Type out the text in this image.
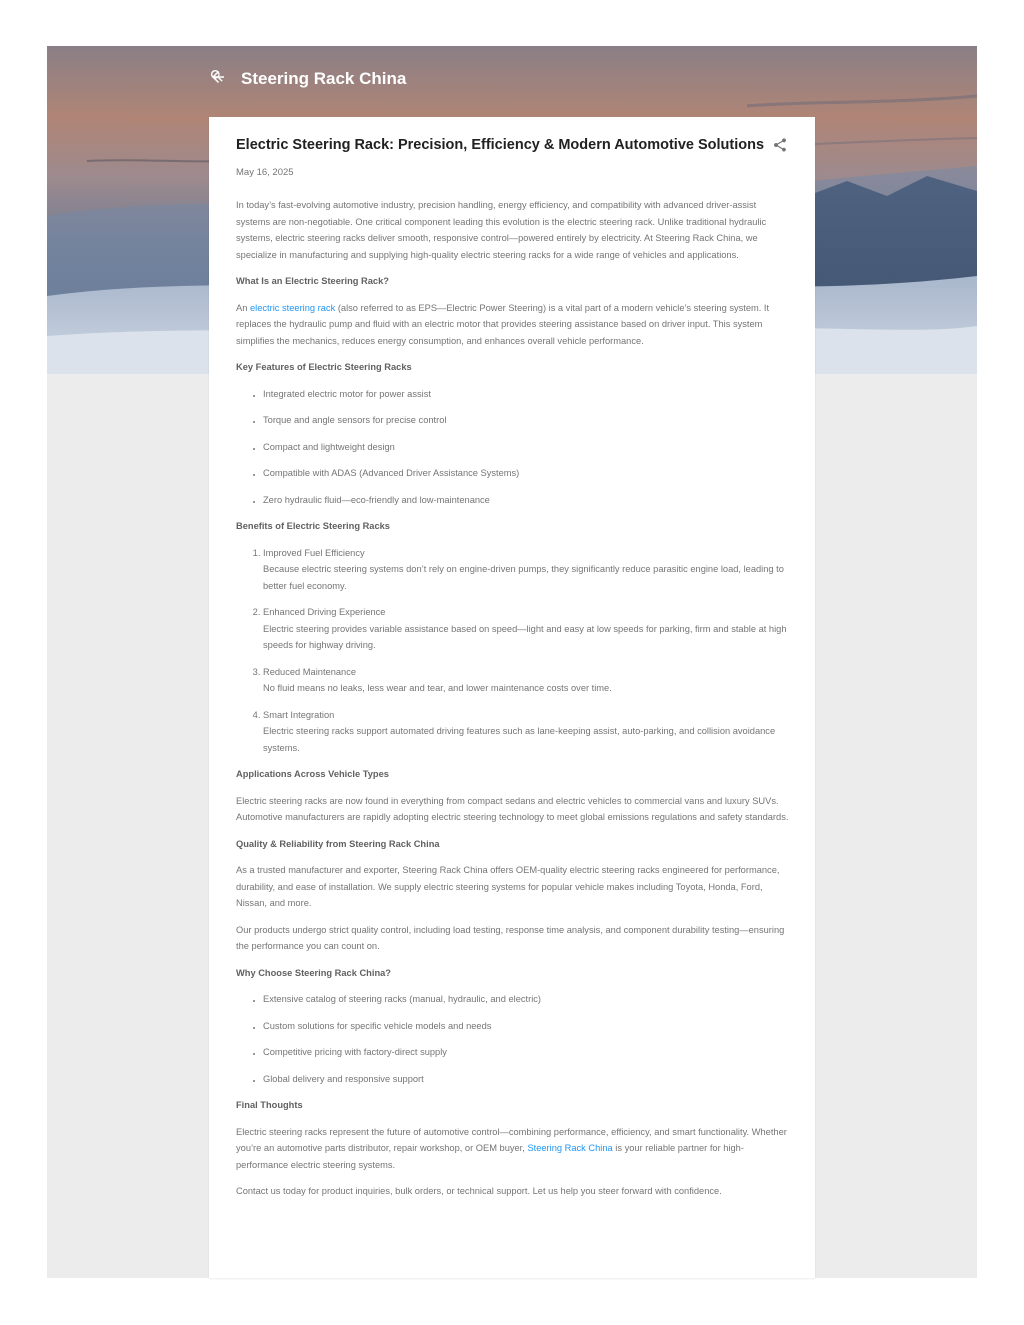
Steering Rack China
Electric Steering Rack: Precision, Efficiency & Modern Automotive Solutions
May 16, 2025

In today’s fast-evolving automotive industry, precision handling, energy efficiency, and compatibility with advanced driver-assist systems are non-negotiable. One critical component leading this evolution is the electric steering rack. Unlike traditional hydraulic systems, electric steering racks deliver smooth, responsive control—powered entirely by electricity. At Steering Rack China, we specialize in manufacturing and supplying high-quality electric steering racks for a wide range of vehicles and applications.

What Is an Electric Steering Rack?

An electric steering rack (also referred to as EPS—Electric Power Steering) is a vital part of a modern vehicle’s steering system. It replaces the hydraulic pump and fluid with an electric motor that provides steering assistance based on driver input. This system simplifies the mechanics, reduces energy consumption, and enhances overall vehicle performance.

Key Features of Electric Steering Racks
• Integrated electric motor for power assist
• Torque and angle sensors for precise control
• Compact and lightweight design
• Compatible with ADAS (Advanced Driver Assistance Systems)
• Zero hydraulic fluid—eco-friendly and low-maintenance
Benefits of Electric Steering Racks
1. Improved Fuel Efficiency
Because electric steering systems don’t rely on engine-driven pumps, they significantly reduce parasitic engine load, leading to better fuel economy.
2. Enhanced Driving Experience
Electric steering provides variable assistance based on speed—light and easy at low speeds for parking, firm and stable at high speeds for highway driving.
3. Reduced Maintenance
No fluid means no leaks, less wear and tear, and lower maintenance costs over time.
4. Smart Integration
Electric steering racks support automated driving features such as lane-keeping assist, auto-parking, and collision avoidance systems.
Applications Across Vehicle Types

Electric steering racks are now found in everything from compact sedans and electric vehicles to commercial vans and luxury SUVs. Automotive manufacturers are rapidly adopting electric steering technology to meet global emissions regulations and safety standards.

Quality & Reliability from Steering Rack China

As a trusted manufacturer and exporter, Steering Rack China offers OEM-quality electric steering racks engineered for performance, durability, and ease of installation. We supply electric steering systems for popular vehicle makes including Toyota, Honda, Ford, Nissan, and more.

Our products undergo strict quality control, including load testing, response time analysis, and component durability testing—ensuring the performance you can count on.

Why Choose Steering Rack China?
• Extensive catalog of steering racks (manual, hydraulic, and electric)
• Custom solutions for specific vehicle models and needs
• Competitive pricing with factory-direct supply
• Global delivery and responsive support
Final Thoughts

Electric steering racks represent the future of automotive control—combining performance, efficiency, and smart functionality. Whether you’re an automotive parts distributor, repair workshop, or OEM buyer, Steering Rack China is your reliable partner for high-performance electric steering systems.

Contact us today for product inquiries, bulk orders, or technical support. Let us help you steer forward with confidence.
